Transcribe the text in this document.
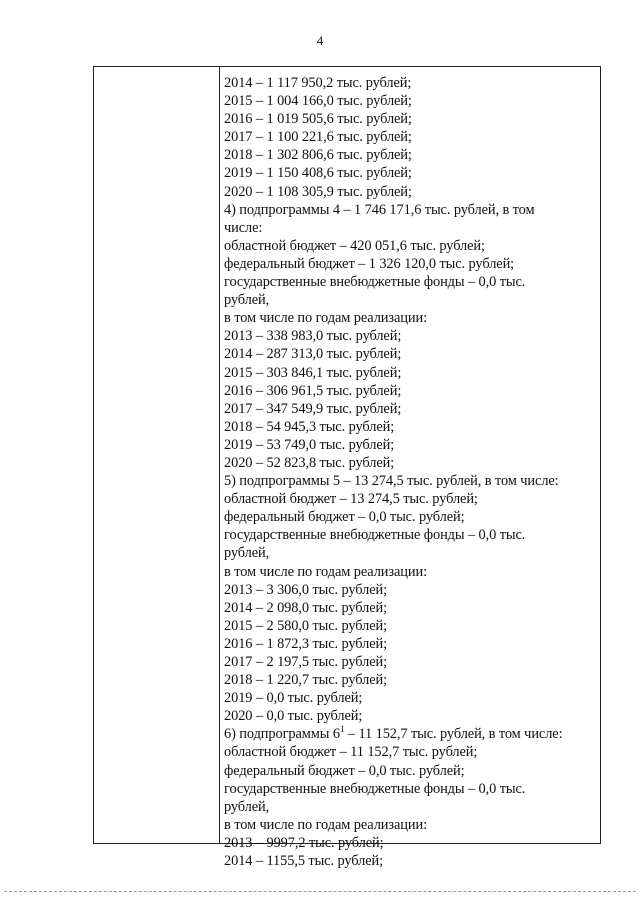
4
2014 – 1 117 950,2 тыс. рублей;
2015 – 1 004 166,0 тыс. рублей;
2016 – 1 019 505,6 тыс. рублей;
2017 – 1 100 221,6 тыс. рублей;
2018 – 1 302 806,6 тыс. рублей;
2019 – 1 150 408,6 тыс. рублей;
2020 – 1 108 305,9 тыс. рублей;
4) подпрограммы 4 – 1 746 171,6 тыс. рублей, в том
числе:
областной бюджет – 420 051,6 тыс. рублей;
федеральный бюджет – 1 326 120,0 тыс. рублей;
государственные внебюджетные фонды – 0,0 тыс.
рублей,
в том числе по годам реализации:
2013 – 338 983,0 тыс. рублей;
2014 – 287 313,0 тыс. рублей;
2015 – 303 846,1 тыс. рублей;
2016 – 306 961,5 тыс. рублей;
2017 – 347 549,9 тыс. рублей;
2018 – 54 945,3 тыс. рублей;
2019 – 53 749,0 тыс. рублей;
2020 – 52 823,8 тыс. рублей;
5) подпрограммы 5 – 13 274,5 тыс. рублей, в том числе:
областной бюджет – 13 274,5 тыс. рублей;
федеральный бюджет – 0,0 тыс. рублей;
государственные внебюджетные фонды – 0,0 тыс.
рублей,
в том числе по годам реализации:
2013 – 3 306,0 тыс. рублей;
2014 – 2 098,0 тыс. рублей;
2015 – 2 580,0 тыс. рублей;
2016 – 1 872,3 тыс. рублей;
2017 – 2 197,5 тыс. рублей;
2018 – 1 220,7 тыс. рублей;
2019 – 0,0 тыс. рублей;
2020 – 0,0 тыс. рублей;
6) подпрограммы $6^1 - 11$ 152,7 тыс. рублей, в том числе:
областной бюджет – 11 152,7 тыс. рублей;
федеральный бюджет – 0,0 тыс. рублей;
государственные внебюджетные фонды – 0,0 тыс.
рублей,
в том числе по годам реализации:
2013 – 9997,2 тыс. рублей;
2014 – 1155,5 тыс. рублей;
